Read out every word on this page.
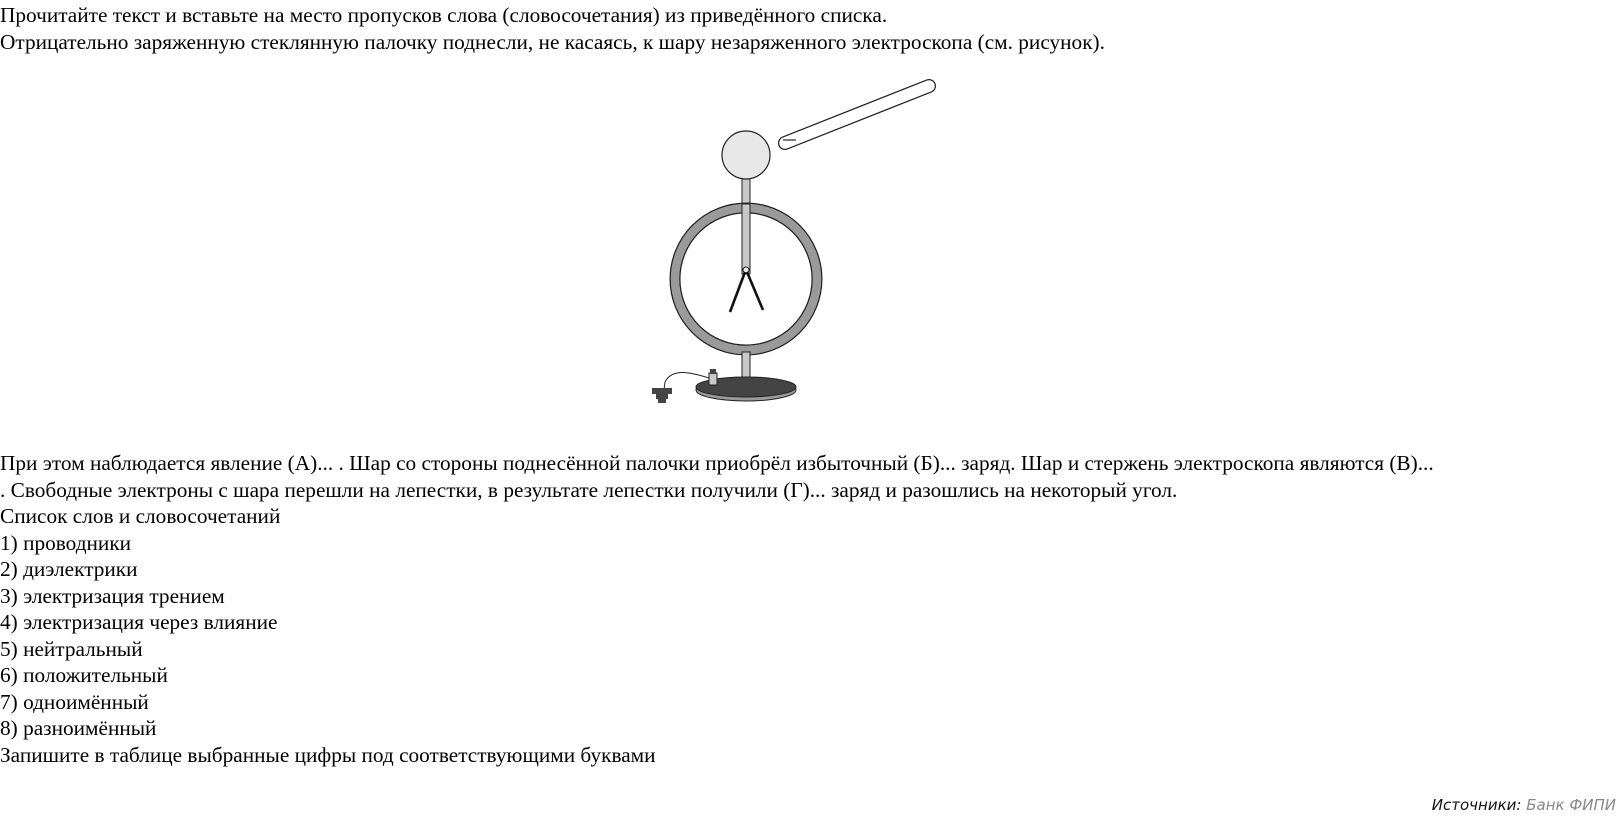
Прочитайте текст и вставьте на место пропусков слова (словосочетания) из приведённого списка.
Отрицательно заряженную стеклянную палочку поднесли, не касаясь, к шару незаряженного электроскопа (см. рисунок).
При этом наблюдается явление (А)... . Шар со стороны поднесённой палочки приобрёл избыточный (Б)... заряд. Шар и стержень электроскопа являются (В)...
. Свободные электроны с шара перешли на лепестки, в результате лепестки получили (Г)... заряд и разошлись на некоторый угол.
Список слов и словосочетаний
1) проводники
2) диэлектрики
3) электризация трением
4) электризация через влияние
5) нейтральный
6) положительный
7) одноимённый
8) разноимённый
Запишите в таблице выбранные цифры под соответствующими буквами
Источники: Банк ФИПИ
